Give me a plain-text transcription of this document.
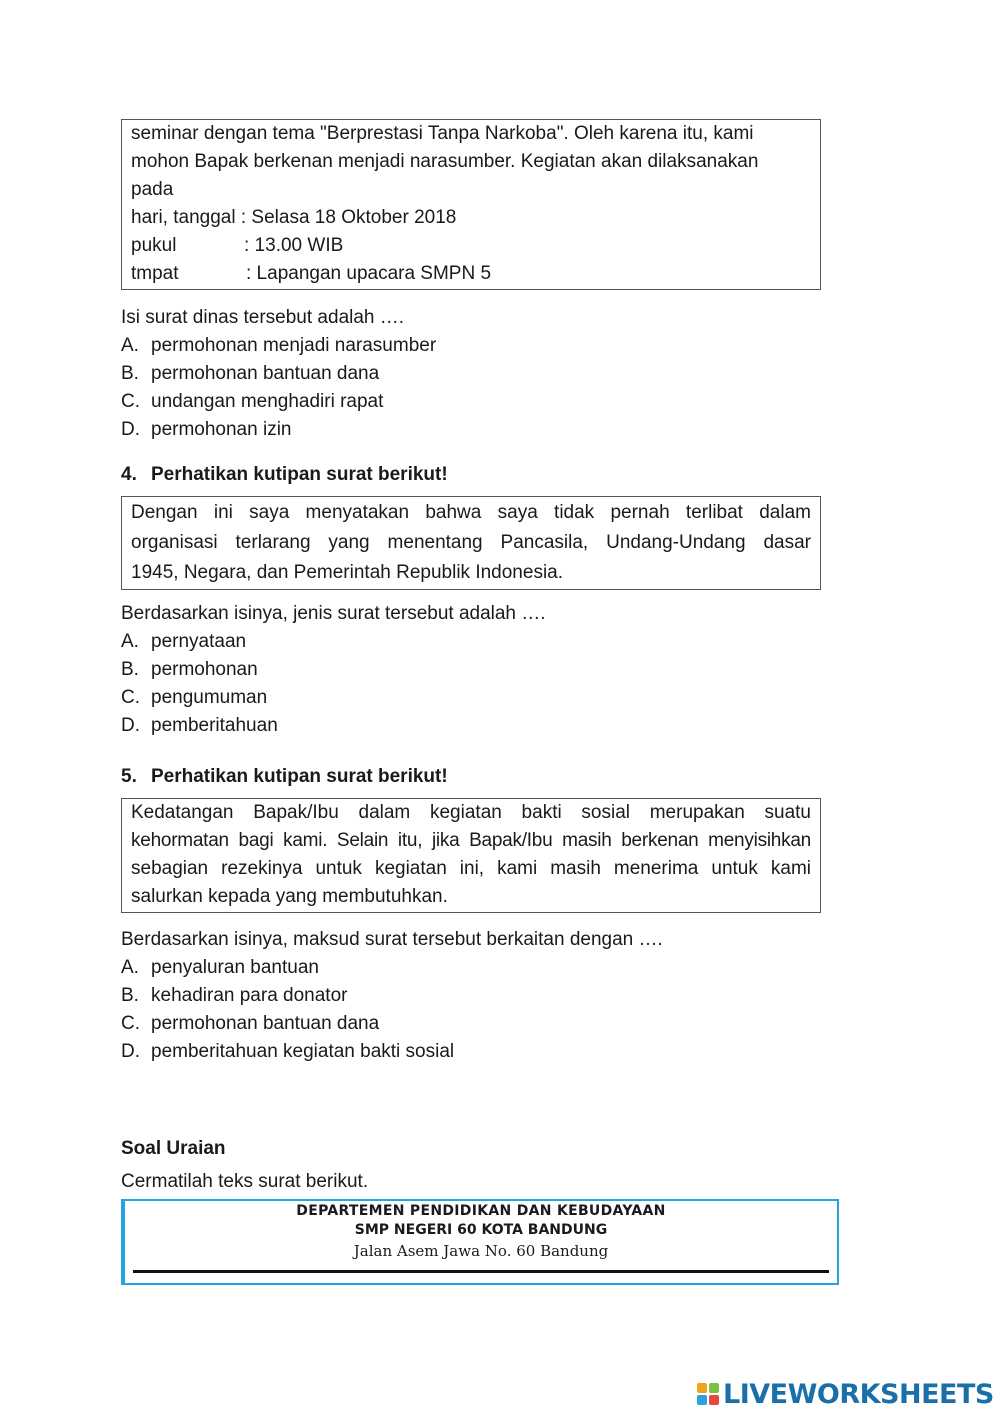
seminar dengan tema "Berprestasi Tanpa Narkoba". Oleh karena itu, kami
mohon Bapak berkenan menjadi narasumber. Kegiatan akan dilaksanakan
pada
hari, tanggal : Selasa 18 Oktober 2018
pukul	: 13.00 WIB
tmpat	: Lapangan upacara SMPN 5
Isi surat dinas tersebut adalah ….
A. permohonan menjadi narasumber
B. permohonan bantuan dana
C. undangan menghadiri rapat
D. permohonan izin
4. Perhatikan kutipan surat berikut!
Dengan ini saya menyatakan bahwa saya tidak pernah terlibat dalam
organisasi terlarang yang menentang Pancasila, Undang-Undang dasar
1945, Negara, dan Pemerintah Republik Indonesia.
Berdasarkan isinya, jenis surat tersebut adalah ….
A. pernyataan
B. permohonan
C. pengumuman
D. pemberitahuan
5. Perhatikan kutipan surat berikut!
Kedatangan Bapak/Ibu dalam kegiatan bakti sosial merupakan suatu
kehormatan bagi kami. Selain itu, jika Bapak/Ibu masih berkenan menyisihkan
sebagian rezekinya untuk kegiatan ini, kami masih menerima untuk kami
salurkan kepada yang membutuhkan.
Berdasarkan isinya, maksud surat tersebut berkaitan dengan ….
A. penyaluran bantuan
B. kehadiran para donator
C. permohonan bantuan dana
D. pemberitahuan kegiatan bakti sosial
Soal Uraian
Cermatilah teks surat berikut.
DEPARTEMEN PENDIDIKAN DAN KEBUDAYAAN
SMP NEGERI 60 KOTA BANDUNG
Jalan Asem Jawa No. 60 Bandung
LIVEWORKSHEETS
